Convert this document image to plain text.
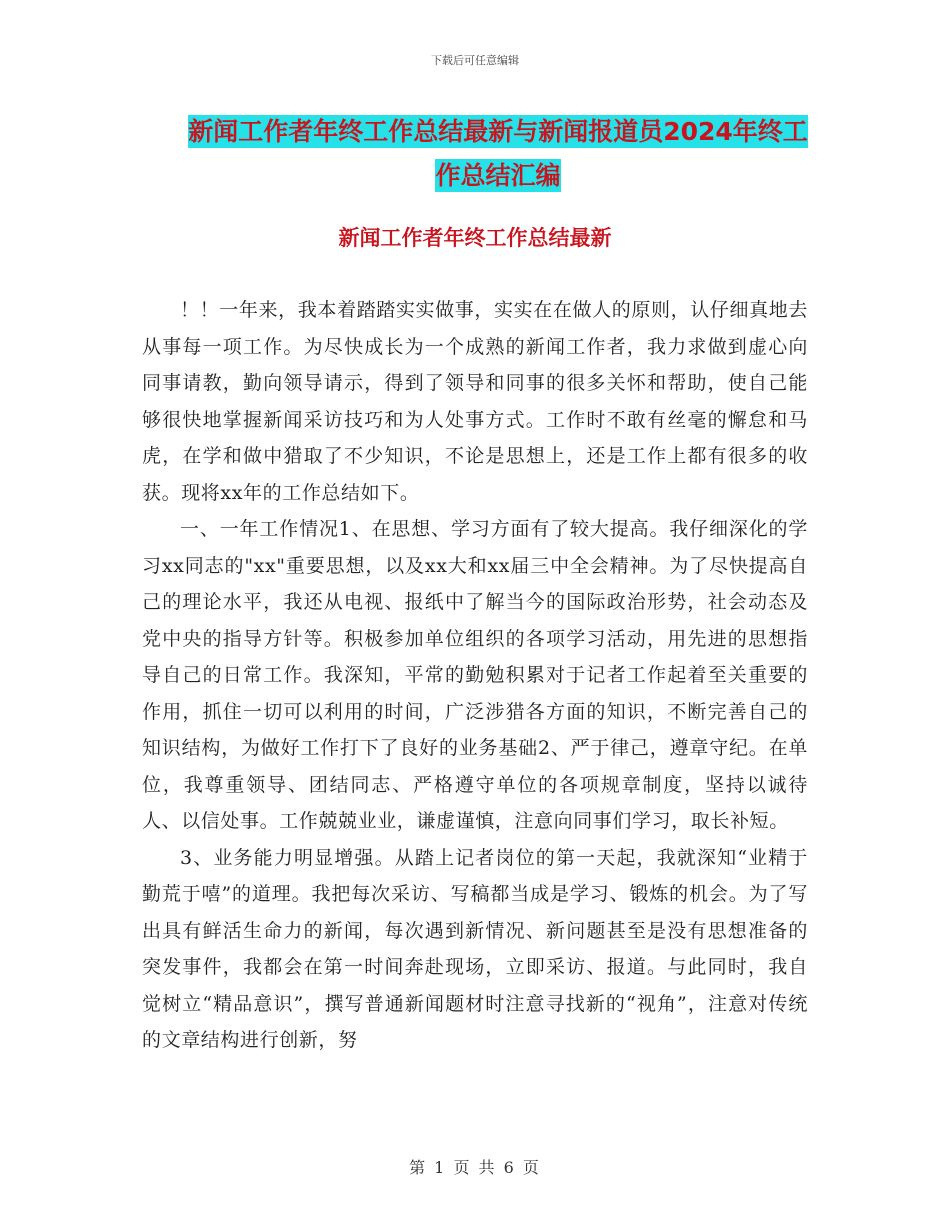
下载后可任意编辑
新闻工作者年终工作总结最新与新闻报道员2024年终工作总结汇编
新闻工作者年终工作总结最新

！！一年来，我本着踏踏实实做事，实实在在做人的原则，认仔细真地去从事每一项工作。为尽快成长为一个成熟的新闻工作者，我力求做到虚心向同事请教，勤向领导请示，得到了领导和同事的很多关怀和帮助，使自己能够很快地掌握新闻采访技巧和为人处事方式。工作时不敢有丝毫的懈怠和马虎，在学和做中猎取了不少知识，不论是思想上，还是工作上都有很多的收获。现将xx年的工作总结如下。

一、一年工作情况1、在思想、学习方面有了较大提高。我仔细深化的学习xx同志的"xx"重要思想，以及xx大和xx届三中全会精神。为了尽快提高自己的理论水平，我还从电视、报纸中了解当今的国际政治形势，社会动态及党中央的指导方针等。积极参加单位组织的各项学习活动，用先进的思想指导自己的日常工作。我深知，平常的勤勉积累对于记者工作起着至关重要的作用，抓住一切可以利用的时间，广泛涉猎各方面的知识，不断完善自己的知识结构，为做好工作打下了良好的业务基础2、严于律己，遵章守纪。在单位，我尊重领导、团结同志、严格遵守单位的各项规章制度，坚持以诚待人、以信处事。工作兢兢业业，谦虚谨慎，注意向同事们学习，取长补短。

3、业务能力明显增强。从踏上记者岗位的第一天起，我就深知“业精于勤荒于嘻”的道理。我把每次采访、写稿都当成是学习、锻炼的机会。为了写出具有鲜活生命力的新闻，每次遇到新情况、新问题甚至是没有思想准备的突发事件，我都会在第一时间奔赴现场，立即采访、报道。与此同时，我自觉树立“精品意识”，撰写普通新闻题材时注意寻找新的“视角”，注意对传统的文章结构进行创新，努

第 1 页 共 6 页
